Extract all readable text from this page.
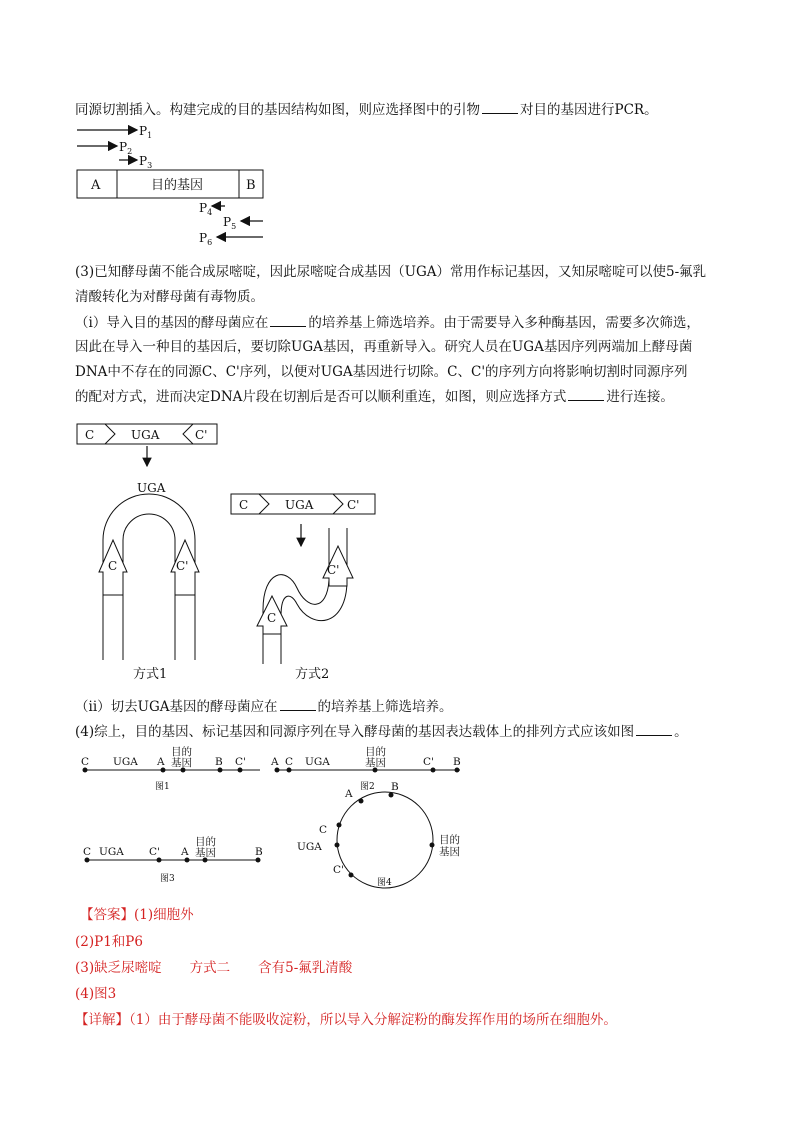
同源切割插入。构建完成的目的基因结构如图，则应选择图中的引物	对目的基因进行PCR。
$P_1$
$P_2$
$P_3$
A	目的基因	B
$P_4$
$P_5$
$P_6$
(3)已知酵母菌不能合成尿嘧啶，因此尿嘧啶合成基因（UGA）常用作标记基因，又知尿嘧啶可以使5-氟乳
清酸转化为对酵母菌有毒物质。
（i）导入目的基因的酵母菌应在	的培养基上筛选培养。由于需要导入多种酶基因，需要多次筛选，
因此在导入一种目的基因后，要切除UGA基因，再重新导入。研究人员在UGA基因序列两端加上酵母菌
DNA中不存在的同源C、C'序列，以便对UGA基因进行切除。C、C'的序列方向将影响切割时同源序列
的配对方式，进而决定DNA片段在切割后是否可以顺利重连，如图，则应选择方式	进行连接。
C	UGA	C'
UGA
C	C'
方式1
C	UGA	C'
C'
C
方式2
（ii）切去UGA基因的酵母菌应在	的培养基上筛选培养。
(4)综上，目的基因、标记基因和同源序列在导入酵母菌的基因表达载体上的排列方式应该如图	。
C UGA A
目的
基因 B C'
图1
A C UGA
目的
基因	C' B
图2
C UGA C' A
目的
基因	B
图3
A
B
C
UGA
C'
目的
基因
图4
【答案】(1)细胞外
(2)P1和P6
(3)缺乏尿嘧啶 方式二 含有5-氟乳清酸
(4)图3
【详解】（1）由于酵母菌不能吸收淀粉，所以导入分解淀粉的酶发挥作用的场所在细胞外。
